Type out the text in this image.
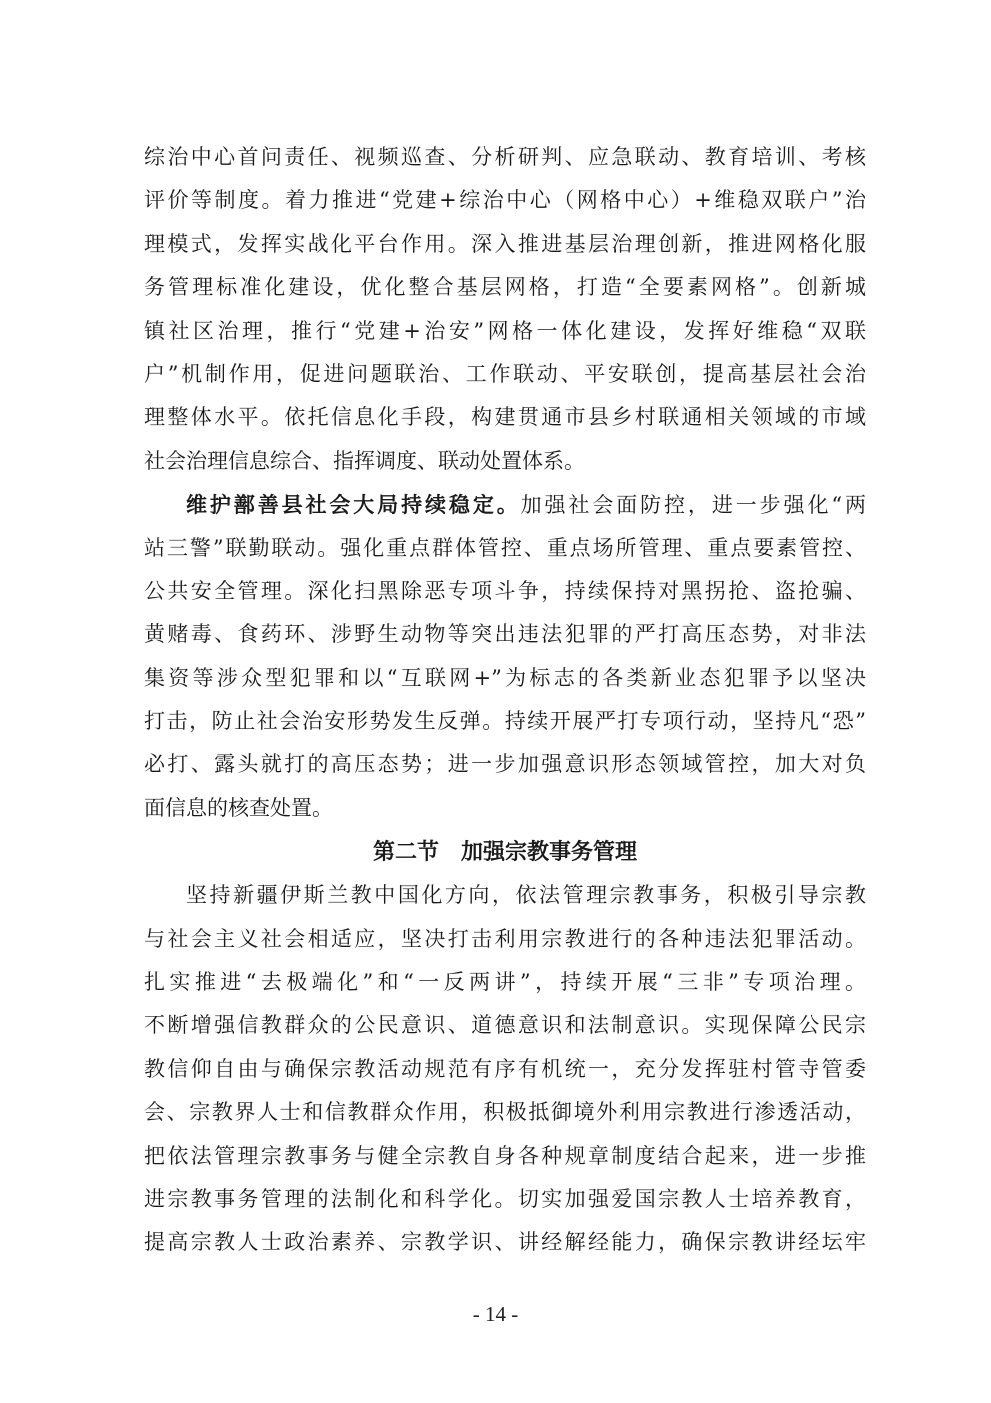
综治中心首问责任、视频巡查、分析研判、应急联动、教育培训、考核
评价等制度。着力推进“党建+综治中心（网格中心）+维稳双联户”治
理模式，发挥实战化平台作用。深入推进基层治理创新，推进网格化服
务管理标准化建设，优化整合基层网格，打造“全要素网格”。创新城
镇社区治理，推行“党建+治安”网格一体化建设，发挥好维稳“双联
户”机制作用，促进问题联治、工作联动、平安联创，提高基层社会治
理整体水平。依托信息化手段，构建贯通市县乡村联通相关领域的市域
社会治理信息综合、指挥调度、联动处置体系。
维护鄯善县社会大局持续稳定。加强社会面防控，进一步强化“两
站三警”联勤联动。强化重点群体管控、重点场所管理、重点要素管控、
公共安全管理。深化扫黑除恶专项斗争，持续保持对黑拐抢、盗抢骗、
黄赌毒、食药环、涉野生动物等突出违法犯罪的严打高压态势，对非法
集资等涉众型犯罪和以“互联网+”为标志的各类新业态犯罪予以坚决
打击，防止社会治安形势发生反弹。持续开展严打专项行动，坚持凡“恐”
必打、露头就打的高压态势；进一步加强意识形态领域管控，加大对负
面信息的核查处置。
第二节　加强宗教事务管理
坚持新疆伊斯兰教中国化方向，依法管理宗教事务，积极引导宗教
与社会主义社会相适应，坚决打击利用宗教进行的各种违法犯罪活动。
扎实推进“去极端化”和“一反两讲”，持续开展“三非”专项治理。
不断增强信教群众的公民意识、道德意识和法制意识。实现保障公民宗
教信仰自由与确保宗教活动规范有序有机统一，充分发挥驻村管寺管委
会、宗教界人士和信教群众作用，积极抵御境外利用宗教进行渗透活动，
把依法管理宗教事务与健全宗教自身各种规章制度结合起来，进一步推
进宗教事务管理的法制化和科学化。切实加强爱国宗教人士培养教育，
提高宗教人士政治素养、宗教学识、讲经解经能力，确保宗教讲经坛牢
- 14 -
